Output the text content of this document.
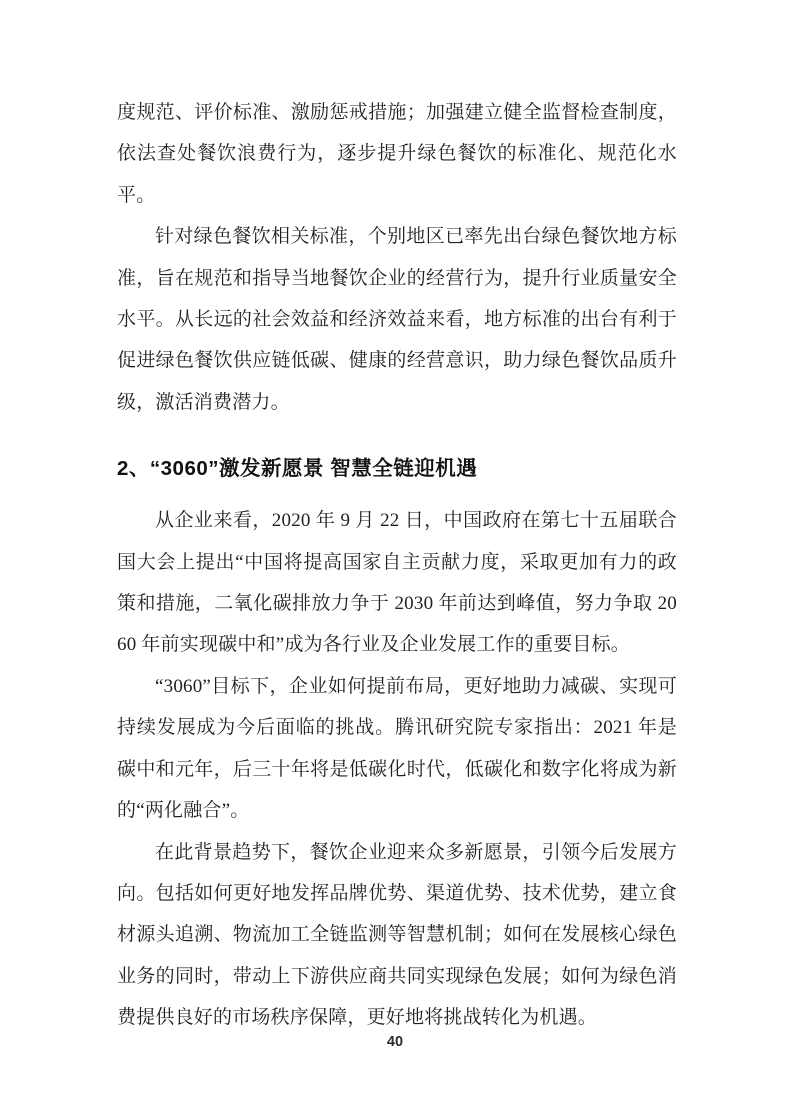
度规范、评价标准、激励惩戒措施；加强建立健全监督检查制度，依法查处餐饮浪费行为，逐步提升绿色餐饮的标准化、规范化水平。

针对绿色餐饮相关标准，个别地区已率先出台绿色餐饮地方标准，旨在规范和指导当地餐饮企业的经营行为，提升行业质量安全水平。从长远的社会效益和经济效益来看，地方标准的出台有利于促进绿色餐饮供应链低碳、健康的经营意识，助力绿色餐饮品质升级，激活消费潜力。

2、“3060”激发新愿景 智慧全链迎机遇

从企业来看，2020 年 9 月 22 日，中国政府在第七十五届联合国大会上提出“中国将提高国家自主贡献力度，采取更加有力的政策和措施，二氧化碳排放力争于 2030 年前达到峰值，努力争取 2060 年前实现碳中和”成为各行业及企业发展工作的重要目标。

“3060”目标下，企业如何提前布局，更好地助力减碳、实现可持续发展成为今后面临的挑战。腾讯研究院专家指出：2021 年是碳中和元年，后三十年将是低碳化时代，低碳化和数字化将成为新的“两化融合”。

在此背景趋势下，餐饮企业迎来众多新愿景，引领今后发展方向。包括如何更好地发挥品牌优势、渠道优势、技术优势，建立食材源头追溯、物流加工全链监测等智慧机制；如何在发展核心绿色业务的同时，带动上下游供应商共同实现绿色发展；如何为绿色消费提供良好的市场秩序保障，更好地将挑战转化为机遇。

40
